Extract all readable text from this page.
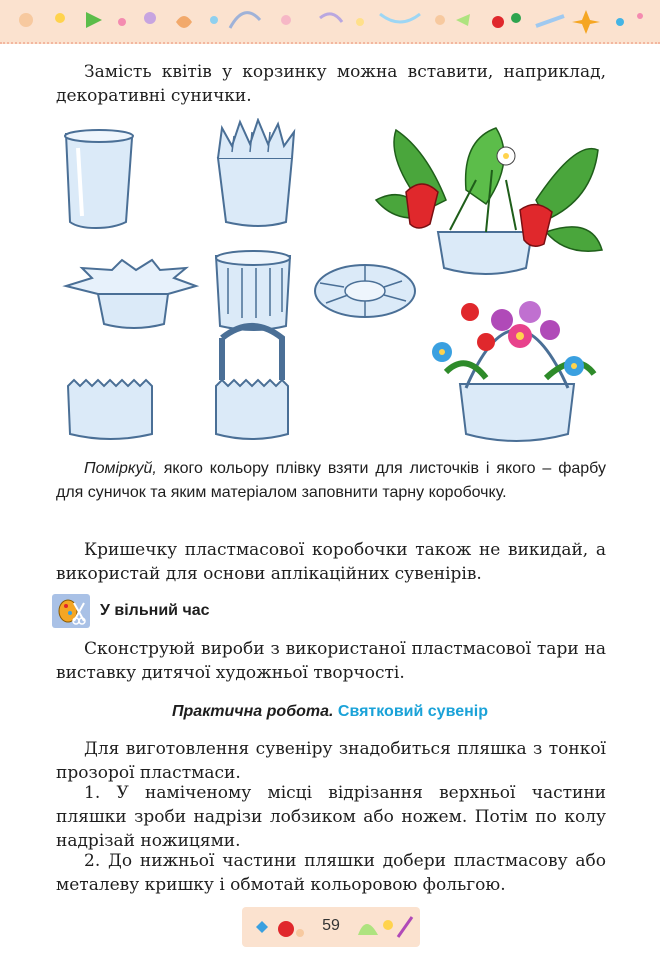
Замість квітів у корзинку можна вставити, наприклад, декоративні сунички.
Поміркуй, якого кольору плівку взяти для листочків і якого – фарбу для суничок та яким матеріалом заповнити тарну коробочку.
Кришечку пластмасової коробочки також не викидай, а використай для основи аплікаційних сувенірів.
У вільний час
Сконструюй вироби з використаної пластмасової тари на виставку дитячої художньої творчості.
Практична робота. Святковий сувенір
Для виготовлення сувеніру знадобиться пляшка з тонкої прозорої пластмаси.
1. У наміченому місці відрізання верхньої частини пляшки зроби надрізи лобзиком або ножем. Потім по колу надрізай ножицями.
2. До нижньої частини пляшки добери пластмасову або металеву кришку і обмотай кольоровою фольгою.
59
